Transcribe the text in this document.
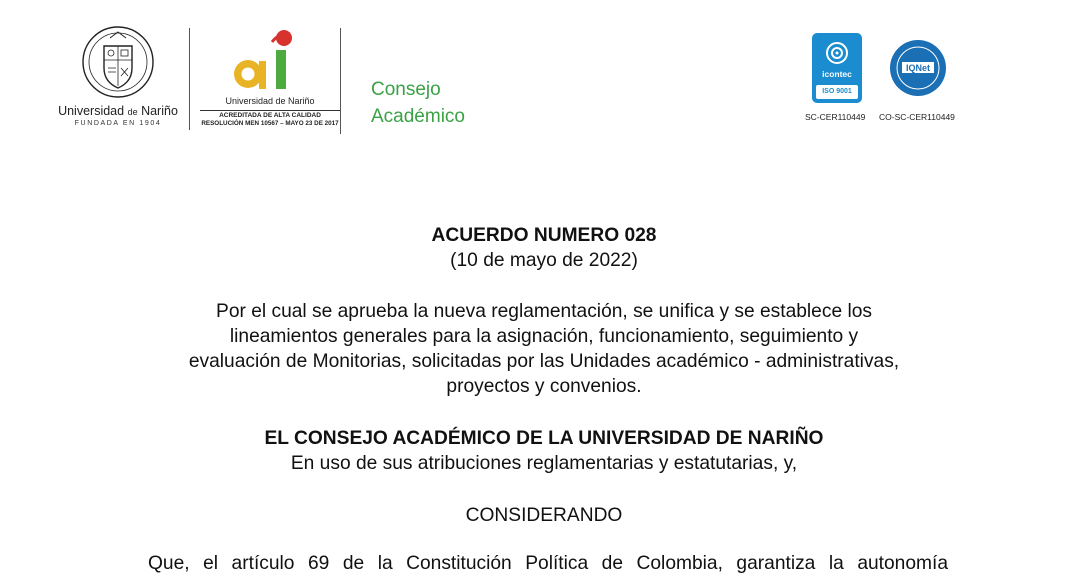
Universidad de Nariño
FUNDADA EN 1904
Universidad de Nariño
ACREDITADA DE ALTA CALIDAD
RESOLUCIÓN MEN 10567 – MAYO 23 DE 2017
Consejo
Académico
icontec
ISO 9001
IQNet
SC-CER110449 CO-SC-CER110449
ACUERDO NUMERO 028
(10 de mayo de 2022)
Por el cual se aprueba la nueva reglamentación, se unifica y se establece los
lineamientos generales para la asignación, funcionamiento, seguimiento y
evaluación de Monitorias, solicitadas por las Unidades académico - administrativas,
proyectos y convenios.
EL CONSEJO ACADÉMICO DE LA UNIVERSIDAD DE NARIÑO
En uso de sus atribuciones reglamentarias y estatutarias, y,
CONSIDERANDO
Que, el artículo 69 de la Constitución Política de Colombia, garantiza la autonomía
